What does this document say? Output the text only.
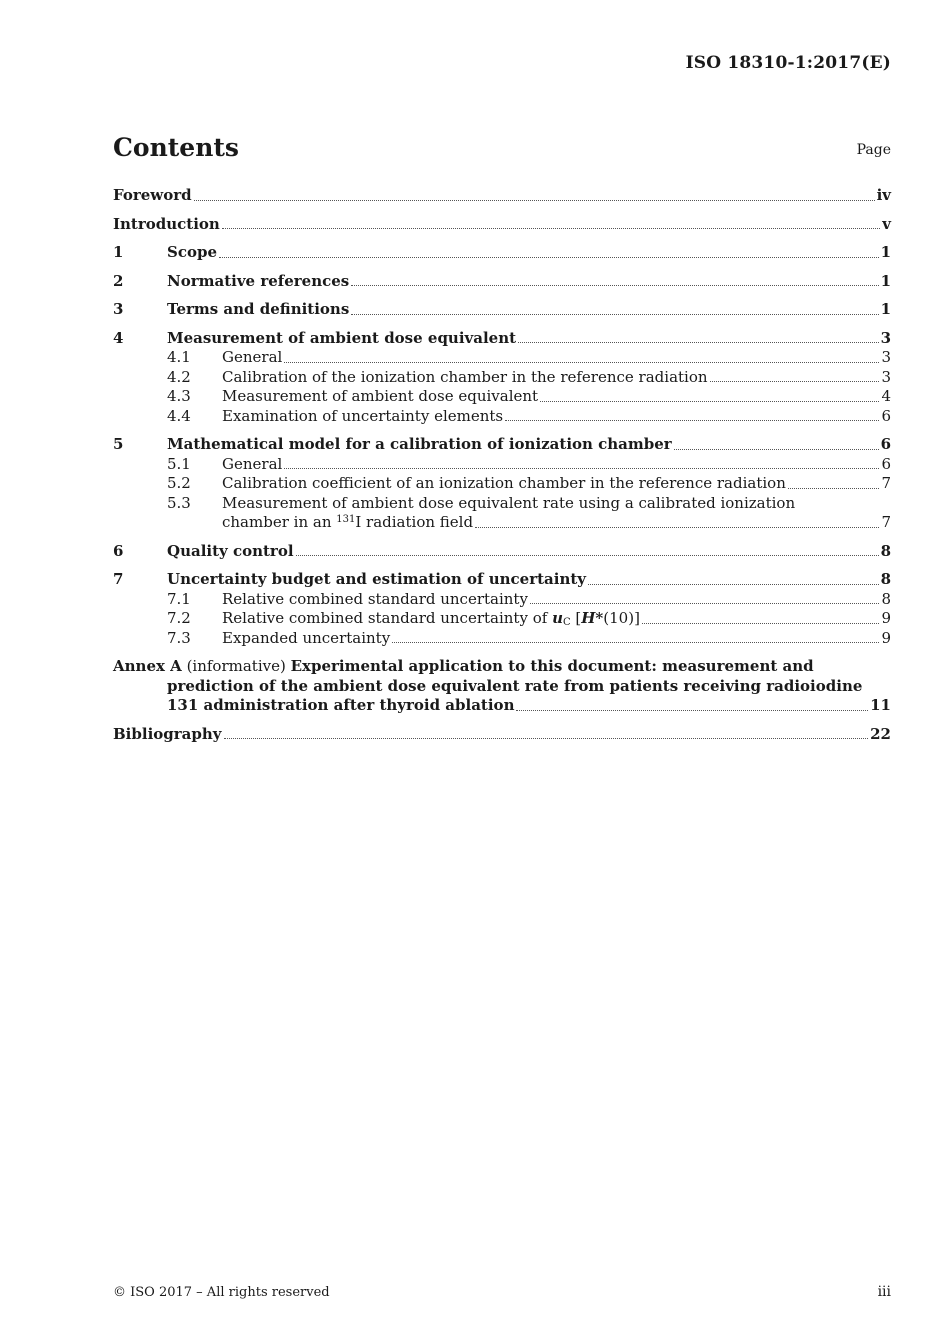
ISO 18310-1:2017(E)
Contents	Page
Foreword	iv
Introduction	v
1	Scope	1
2	Normative references	1
3	Terms and definitions	1
4	Measurement of ambient dose equivalent	3
4.1	General	3
4.2	Calibration of the ionization chamber in the reference radiation	3
4.3	Measurement of ambient dose equivalent	4
4.4	Examination of uncertainty elements	6
5	Mathematical model for a calibration of ionization chamber	6
5.1	General	6
5.2	Calibration coefficient of an ionization chamber in the reference radiation	7
5.3	Measurement of ambient dose equivalent rate using a calibrated ionization
chamber in an $^{131}$I radiation field	7
6	Quality control	8
7	Uncertainty budget and estimation of uncertainty	8
7.1	Relative combined standard uncertainty	8
7.2	Relative combined standard uncertainty of $u_C$ [H*(10)]	9
7.3	Expanded uncertainty	9
Annex A (informative) Experimental application to this document: measurement and
prediction of the ambient dose equivalent rate from patients receiving radioiodine
131 administration after thyroid ablation	11
Bibliography	22
© ISO 2017 – All rights reserved	iii
